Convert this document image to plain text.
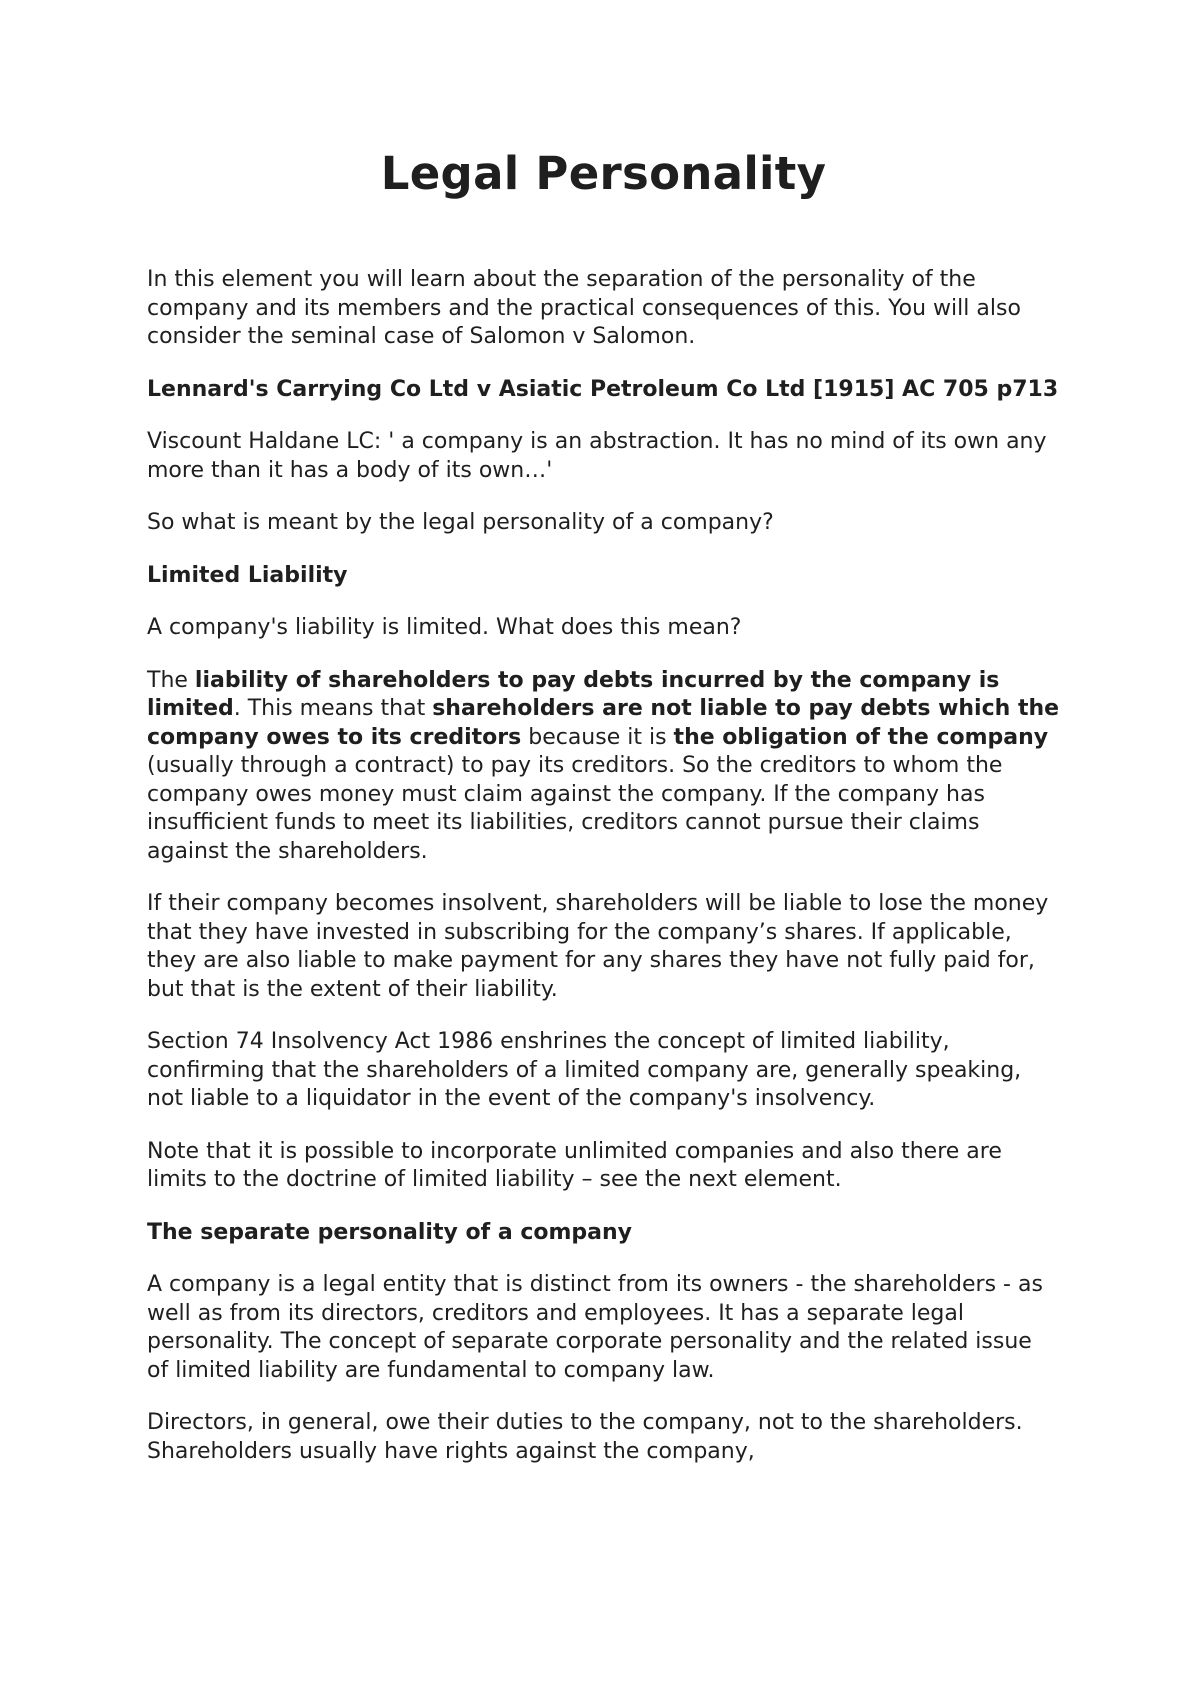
Legal Personality

In this element you will learn about the separation of the personality of the company and its members and the practical consequences of this. You will also consider the seminal case of Salomon v Salomon.

Lennard's Carrying Co Ltd v Asiatic Petroleum Co Ltd [1915] AC 705 p713

Viscount Haldane LC: ' a company is an abstraction. It has no mind of its own any more than it has a body of its own…'

So what is meant by the legal personality of a company?

Limited Liability

A company's liability is limited. What does this mean?

The liability of shareholders to pay debts incurred by the company is limited. This means that shareholders are not liable to pay debts which the company owes to its creditors because it is the obligation of the company (usually through a contract) to pay its creditors. So the creditors to whom the company owes money must claim against the company. If the company has insufficient funds to meet its liabilities, creditors cannot pursue their claims against the shareholders.

If their company becomes insolvent, shareholders will be liable to lose the money that they have invested in subscribing for the company’s shares. If applicable, they are also liable to make payment for any shares they have not fully paid for, but that is the extent of their liability.

Section 74 Insolvency Act 1986 enshrines the concept of limited liability, confirming that the shareholders of a limited company are, generally speaking, not liable to a liquidator in the event of the company's insolvency.

Note that it is possible to incorporate unlimited companies and also there are limits to the doctrine of limited liability – see the next element.

The separate personality of a company

A company is a legal entity that is distinct from its owners - the shareholders - as well as from its directors, creditors and employees. It has a separate legal personality. The concept of separate corporate personality and the related issue of limited liability are fundamental to company law.

Directors, in general, owe their duties to the company, not to the shareholders. Shareholders usually have rights against the company,
